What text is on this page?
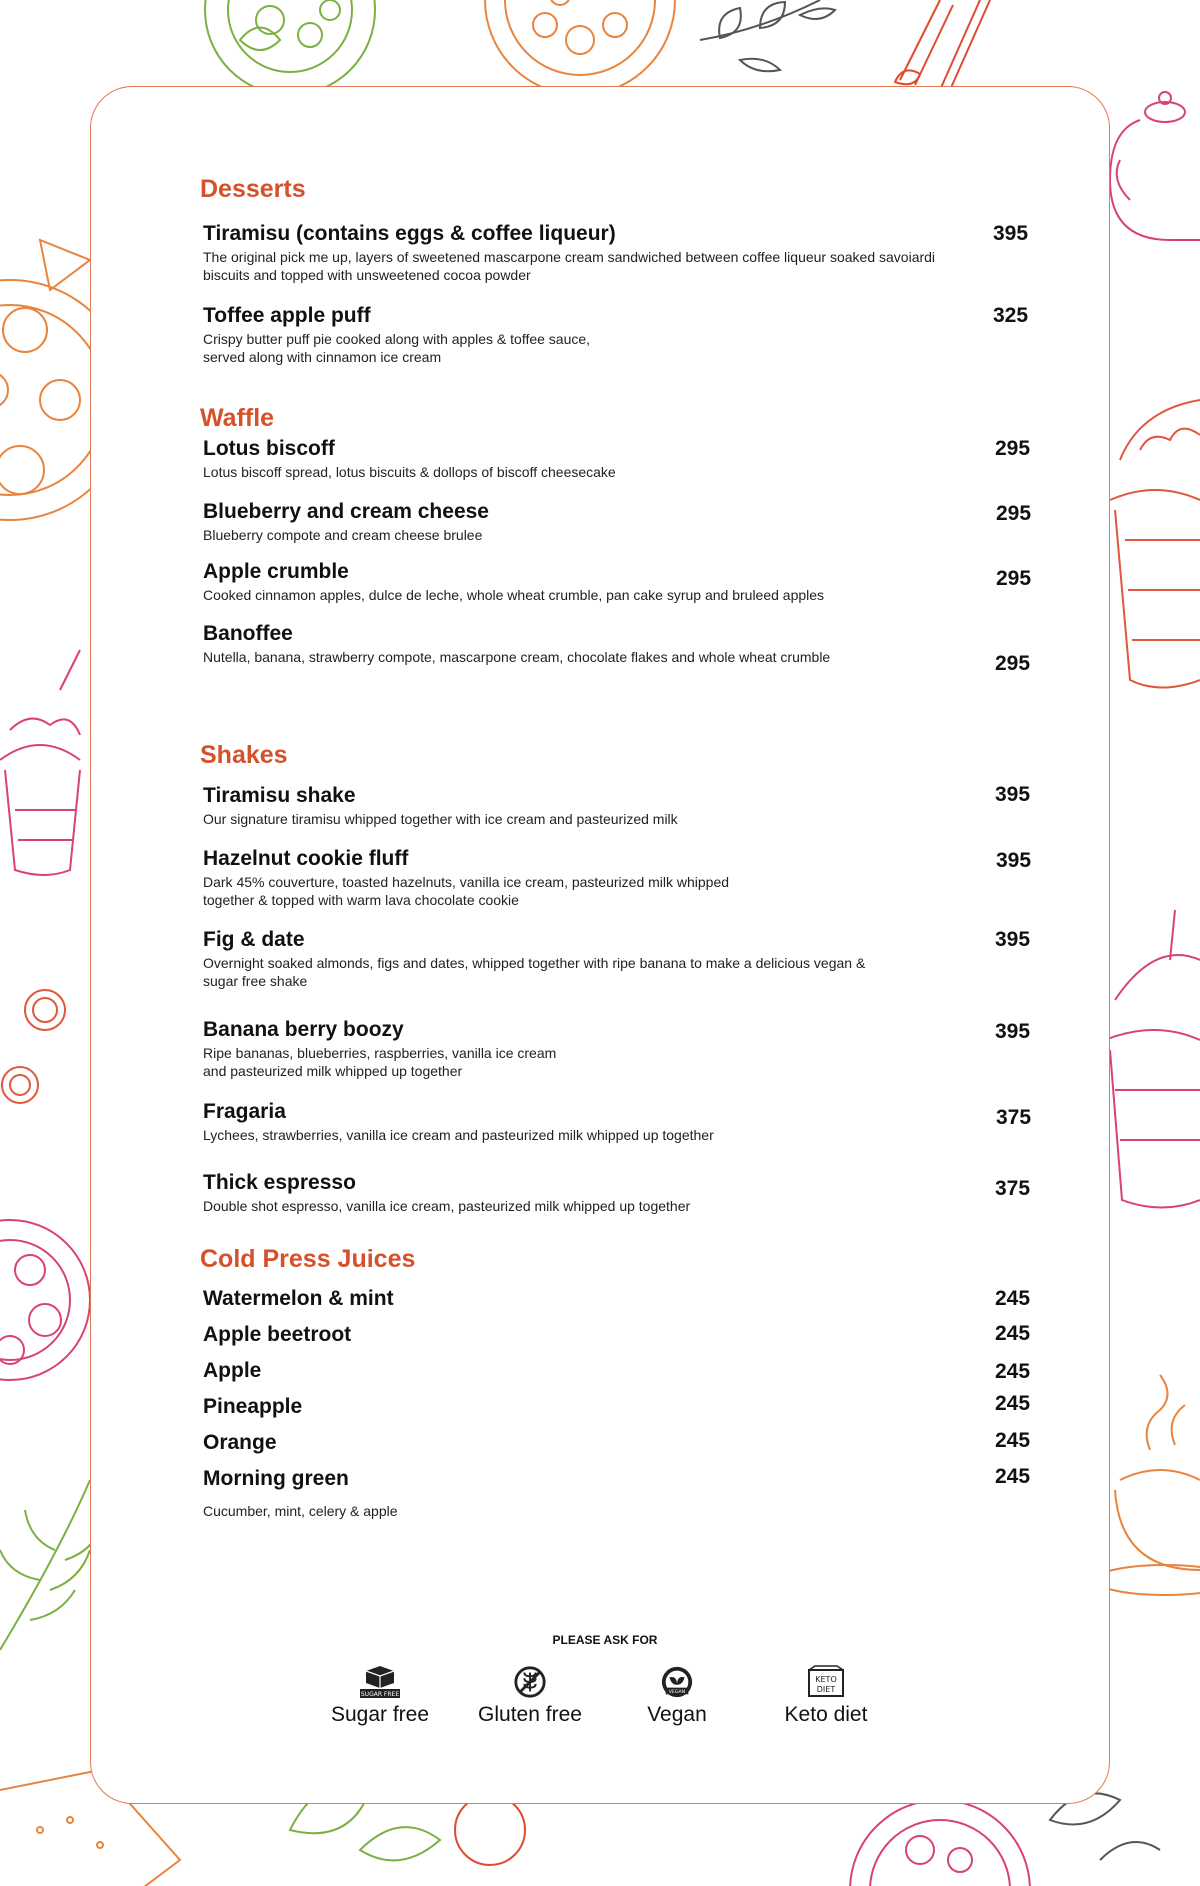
Desserts
Tiramisu (contains eggs & coffee liqueur)
The original pick me up, layers of sweetened mascarpone cream sandwiched between coffee liqueur soaked savoiardi biscuits and topped with unsweetened cocoa powder
395
Toffee apple puff
Crispy butter puff pie cooked along with apples & toffee sauce, served along with cinnamon ice cream
325
Waffle
Lotus biscoff
Lotus biscoff spread, lotus biscuits & dollops of biscoff cheesecake
295
Blueberry and cream cheese
Blueberry compote and cream cheese brulee
295
Apple crumble
Cooked cinnamon apples, dulce de leche, whole wheat crumble, pan cake syrup and bruleed apples
295
Banoffee
Nutella, banana, strawberry compote, mascarpone cream, chocolate flakes and whole wheat crumble	295
Shakes
Tiramisu shake
Our signature tiramisu whipped together with ice cream and pasteurized milk
395
Hazelnut cookie fluff
Dark 45% couverture, toasted hazelnuts, vanilla ice cream, pasteurized milk whipped together & topped with warm lava chocolate cookie
395
Fig & date
Overnight soaked almonds, figs and dates, whipped together with ripe banana to make a delicious vegan & sugar free shake
395
Banana berry boozy
Ripe bananas, blueberries, raspberries, vanilla ice cream and pasteurized milk whipped up together
395
Fragaria
Lychees, strawberries, vanilla ice cream and pasteurized milk whipped up together
375
Thick espresso
Double shot espresso, vanilla ice cream, pasteurized milk whipped up together
375
Cold Press Juices
Watermelon & mint	245
Apple beetroot	245
Apple	245
Pineapple	245
Orange	245
Morning green	245
Cucumber, mint, celery & apple
PLEASE ASK FOR
SUGAR FREE
Sugar free	Gluten free
VEGAN
Vegan
KETO
DIET
Keto diet
